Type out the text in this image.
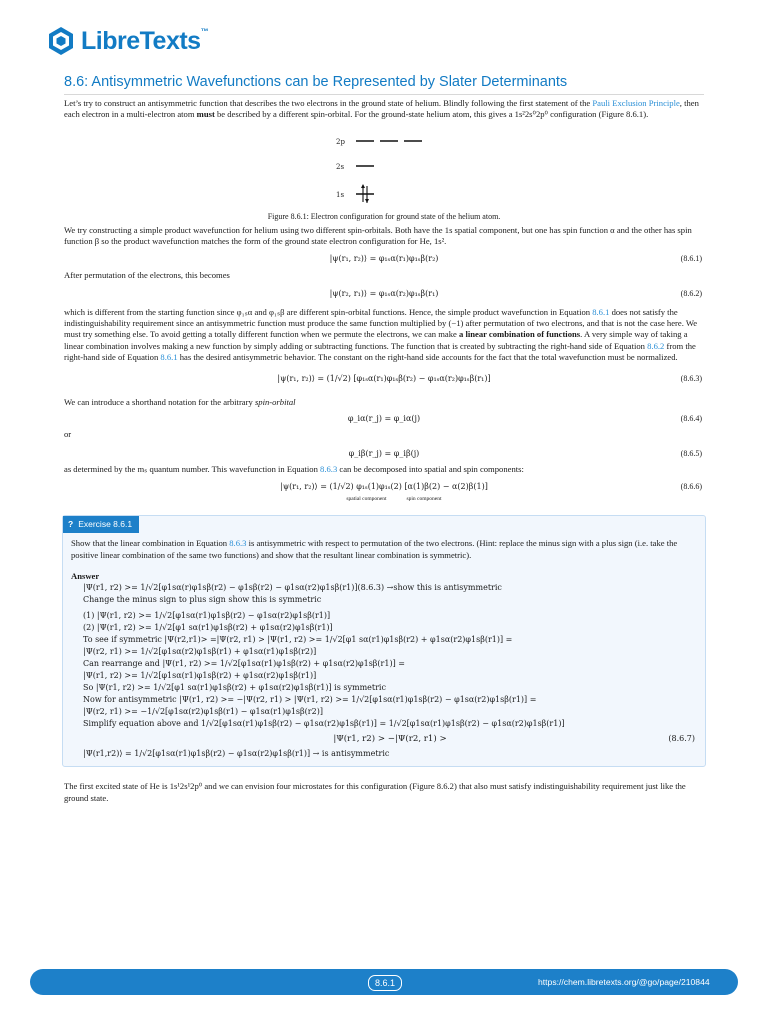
LibreTexts™
8.6: Antisymmetric Wavefunctions can be Represented by Slater Determinants

Let’s try to construct an antisymmetric function that describes the two electrons in the ground state of helium. Blindly following the first statement of the Pauli Exclusion Principle, then each electron in a multi-electron atom must be described by a different spin-orbital. For the ground-state helium atom, this gives a 1s²2s⁰2p⁰ configuration (Figure 8.6.1).

2p
2s
1s
Figure 8.6.1: Electron configuration for ground state of the helium atom.

We try constructing a simple product wavefunction for helium using two different spin-orbitals. Both have the 1s spatial component, but one has spin function α and the other has spin function β so the product wavefunction matches the form of the ground state electron configuration for He, 1s².

|ψ(r₁, r₂)⟩ = φ₁ₛα(r₁)φ₁ₛβ(r₂)	(8.6.1)

After permutation of the electrons, this becomes

|ψ(r₂, r₁)⟩ = φ₁ₛα(r₂)φ₁ₛβ(r₁)	(8.6.2)

which is different from the starting function since φ₁ₛα and φ₁ₛβ are different spin-orbital functions. Hence, the simple product wavefunction in Equation 8.6.1 does not satisfy the indistinguishability requirement since an antisymmetric function must produce the same function multiplied by (−1) after permutation of two electrons, and that is not the case here. We must try something else. To avoid getting a totally different function when we permute the electrons, we can make a linear combination of functions. A very simple way of taking a linear combination involves making a new function by simply adding or subtracting functions. The function that is created by subtracting the right-hand side of Equation 8.6.2 from the right-hand side of Equation 8.6.1 has the desired antisymmetric behavior. The constant on the right-hand side accounts for the fact that the total wavefunction must be normalized.

|ψ(r₁, r₂)⟩ = (1/√2) [φ₁ₛα(r₁)φ₁ₛβ(r₂) − φ₁ₛα(r₂)φ₁ₛβ(r₁)]	(8.6.3)

We can introduce a shorthand notation for the arbitrary spin-orbital

φ_iα(r_j) = φ_iα(j)	(8.6.4)

or

φ_iβ(r_j) = φ_iβ(j)	(8.6.5)

as determined by the mₛ quantum number. This wavefunction in Equation 8.6.3 can be decomposed into spatial and spin components:

|ψ(r₁, r₂)⟩ = (1/√2) φ₁ₛ(1)φ₁ₛ(2) [α(1)β(2) − α(2)β(1)]	(8.6.6)
spatial component	spin component
? Exercise 8.6.1

Show that the linear combination in Equation 8.6.3 is antisymmetric with respect to permutation of the two electrons. (Hint: replace the minus sign with a plus sign (i.e. take the positive linear combination of the same two functions) and show that the resultant linear combination is symmetric).

Answer
|Ψ(r1, r2) >= 1/√2[φ1sα(r)φ1sβ(r2) − φ1sβ(r2) − φ1sα(r2)φ1sβ(r1)](8.6.3) →show this is antisymmetric
Change the minus sign to plus sign show this is symmetric
(1) |Ψ(r1, r2) >= 1/√2[φ1sα(r1)φ1sβ(r2) − φ1sα(r2)φ1sβ(r1)]
(2) |Ψ(r1, r2) >= 1/√2[φ1 sα(r1)φ1sβ(r2) + φ1sα(r2)φ1sβ(r1)]
To see if symmetric |Ψ(r2,r1)> =|Ψ(r2, r1) > |Ψ(r1, r2) >= 1/√2[φ1 sα(r1)φ1sβ(r2) + φ1sα(r2)φ1sβ(r1)] =
|Ψ(r2, r1) >= 1/√2[φ1sα(r2)φ1sβ(r1) + φ1sα(r1)φ1sβ(r2)]
Can rearrange and |Ψ(r1, r2) >= 1/√2[φ1sα(r1)φ1sβ(r2) + φ1sα(r2)φ1sβ(r1)] =
|Ψ(r1, r2) >= 1/√2[φ1sα(r1)φ1sβ(r2) + φ1sα(r2)φ1sβ(r1)]
So |Ψ(r1, r2) >= 1/√2[φ1 sα(r1)φ1sβ(r2) + φ1sα(r2)φ1sβ(r1)] is symmetric
Now for antisymmetric |Ψ(r1, r2) >= −|Ψ(r2, r1) > |Ψ(r1, r2) >= 1/√2[φ1sα(r1)φ1sβ(r2) − φ1sα(r2)φ1sβ(r1)] =
|Ψ(r2, r1) >= −1/√2[φ1sα(r2)φ1sβ(r1) − φ1sα(r1)φ1sβ(r2)]
Simplify equation above and 1/√2[φ1sα(r1)φ1sβ(r2) − φ1sα(r2)φ1sβ(r1)] = 1/√2[φ1sα(r1)φ1sβ(r2) − φ1sα(r2)φ1sβ(r1)]
|Ψ(r1, r2) > −|Ψ(r2, r1) >	(8.6.7)
|Ψ(r1,r2)⟩ = 1/√2[φ1sα(r1)φ1sβ(r2) − φ1sα(r2)φ1sβ(r1)] → is antisymmetric

The first excited state of He is 1s¹2s¹2p⁰ and we can envision four microstates for this configuration (Figure 8.6.2) that also must satisfy indistinguishability requirement just like the ground state.

8.6.1	https://chem.libretexts.org/@go/page/210844
